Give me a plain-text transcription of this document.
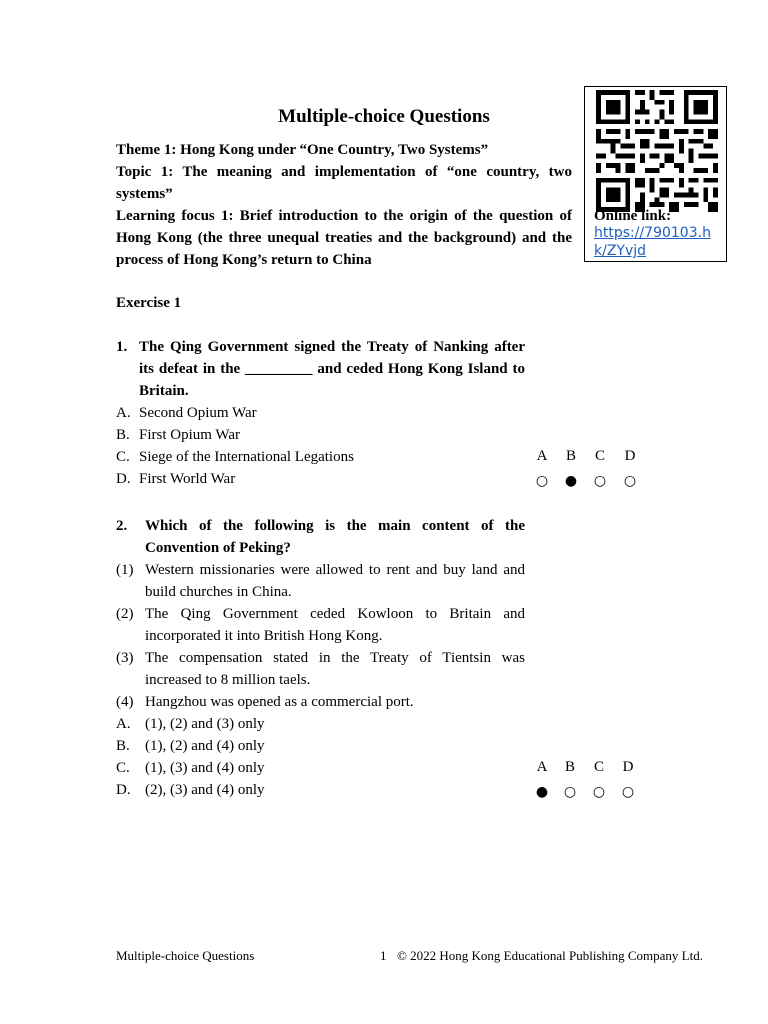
Multiple-choice Questions
Theme 1: Hong Kong under “One Country, Two Systems”
Topic 1: The meaning and implementation of “one country, two systems”
Learning focus 1: Brief introduction to the origin of the question of Hong Kong (the three unequal treaties and the background) and the process of Hong Kong’s return to China
Online link:
https://790103.hk/ZYvjd
Exercise 1
1. The Qing Government signed the Treaty of Nanking after its defeat in the _________ and ceded Hong Kong Island to Britain.
A. Second Opium War
B. First Opium War
C. Siege of the International Legations
D. First World War
A	B	C	D
○ ● ○ ○
2. Which of the following is the main content of the Convention of Peking?
(1) Western missionaries were allowed to rent and buy land and build churches in China.
(2) The Qing Government ceded Kowloon to Britain and incorporated it into British Hong Kong.
(3) The compensation stated in the Treaty of Tientsin was increased to 8 million taels.
(4) Hangzhou was opened as a commercial port.
A. (1), (2) and (3) only
B. (1), (2) and (4) only
C. (1), (3) and (4) only
D. (2), (3) and (4) only
A	B	C	D
● ○ ○ ○
Multiple-choice Questions	1 © 2022 Hong Kong Educational Publishing Company Ltd.
